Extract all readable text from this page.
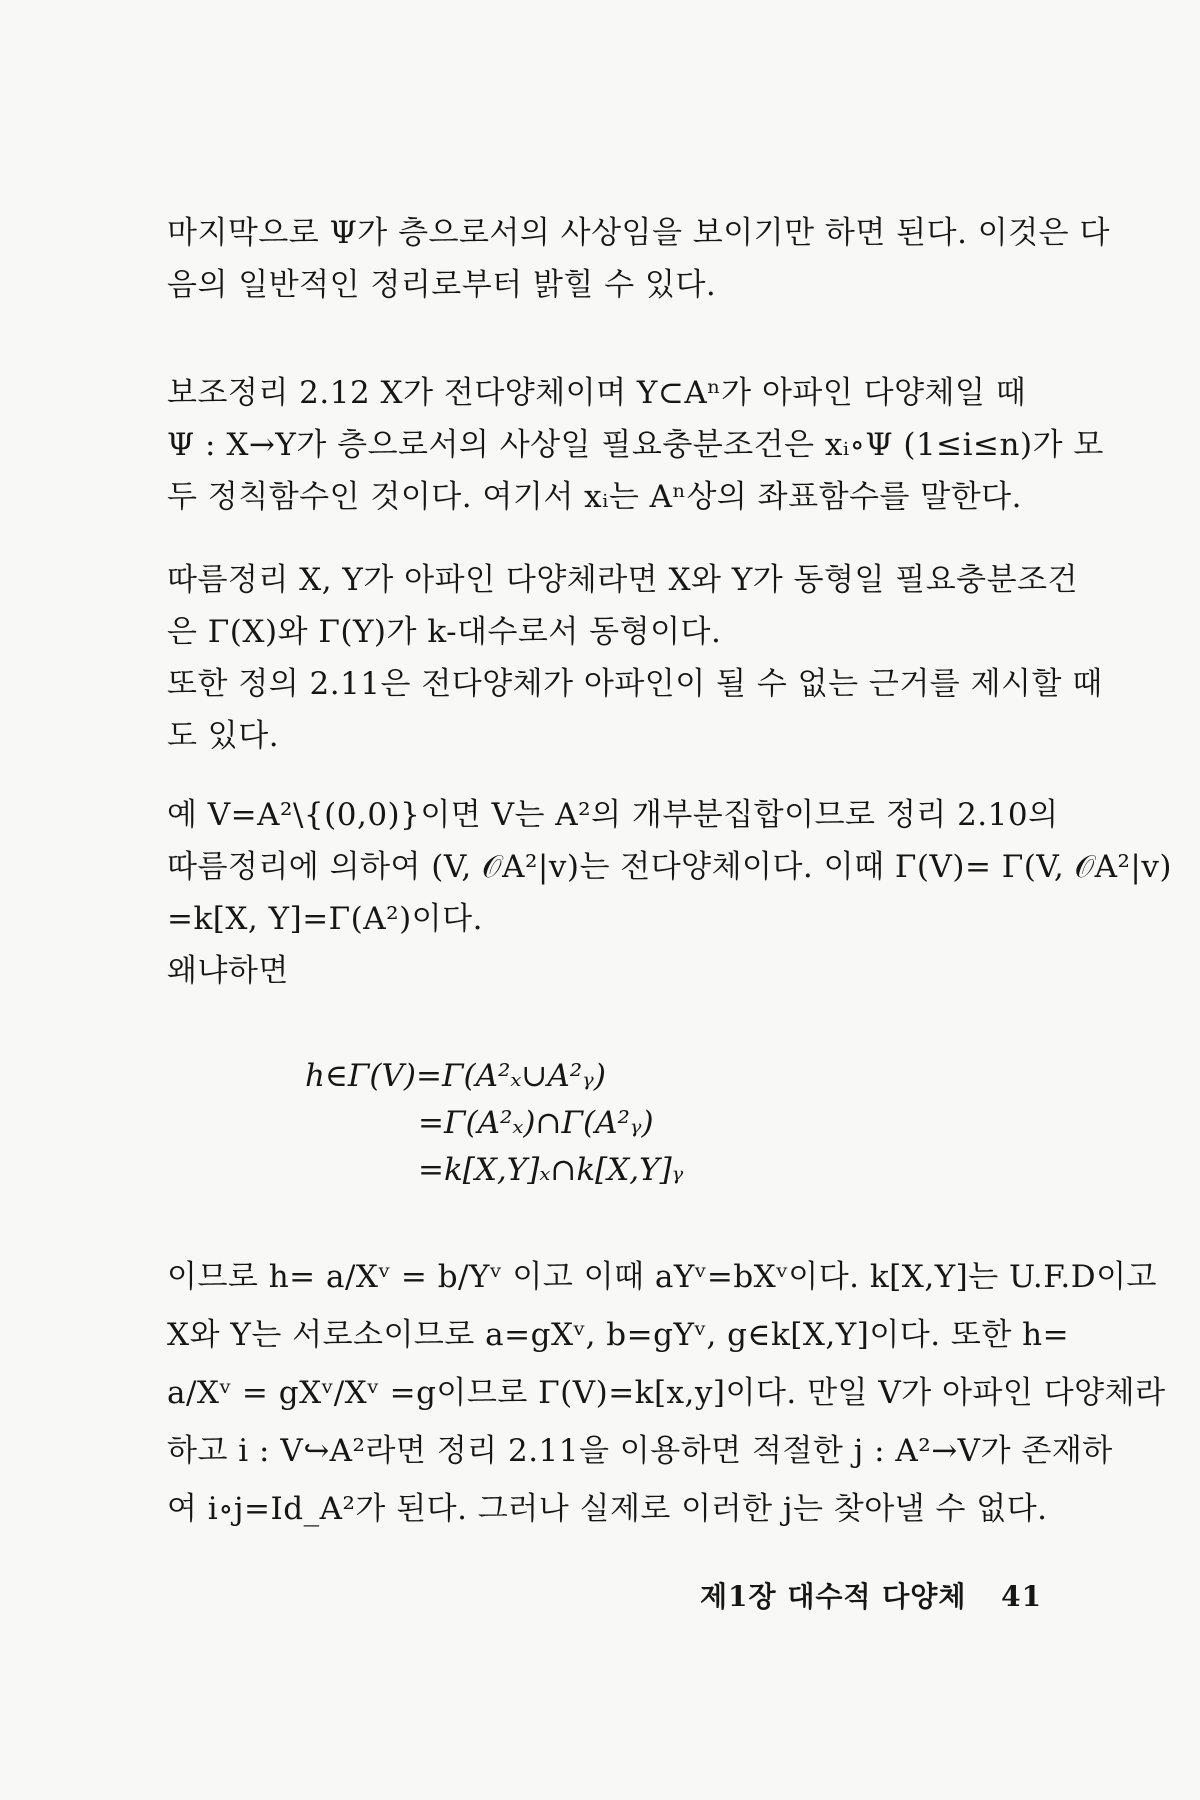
마지막으로 Ψ가 층으로서의 사상임을 보이기만 하면 된다. 이것은 다
음의 일반적인 정리로부터 밝힐 수 있다.
보조정리 2.12 X가 전다양체이며 Y⊂Aⁿ가 아파인 다양체일 때
Ψ : X→Y가 층으로서의 사상일 필요충분조건은 xᵢ∘Ψ (1≤i≤n)가 모
두 정칙함수인 것이다. 여기서 xᵢ는 Aⁿ상의 좌표함수를 말한다.
따름정리 X, Y가 아파인 다양체라면 X와 Y가 동형일 필요충분조건
은 Γ(X)와 Γ(Y)가 k-대수로서 동형이다.
또한 정의 2.11은 전다양체가 아파인이 될 수 없는 근거를 제시할 때
도 있다.
예 V=A²\{(0,0)}이면 V는 A²의 개부분집합이므로 정리 2.10의
따름정리에 의하여 (V, 𝒪A²|v)는 전다양체이다. 이때 Γ(V)= Γ(V, 𝒪A²|v)
=k[X, Y]=Γ(A²)이다.
왜냐하면
h∈Γ(V)=Γ(A²ₓ∪A²ᵧ)
=Γ(A²ₓ)∩Γ(A²ᵧ)
=k[X,Y]ₓ∩k[X,Y]ᵧ
이므로 h= a/Xᵛ = b/Yᵛ 이고 이때 aYᵛ=bXᵛ이다. k[X,Y]는 U.F.D이고
X와 Y는 서로소이므로 a=gXᵛ, b=gYᵛ, g∈k[X,Y]이다. 또한 h=
a/Xᵛ = gXᵛ/Xᵛ =g이므로 Γ(V)=k[x,y]이다. 만일 V가 아파인 다양체라
하고 i : V↪A²라면 정리 2.11을 이용하면 적절한 j : A²→V가 존재하
여 i∘j=Id_A²가 된다. 그러나 실제로 이러한 j는 찾아낼 수 없다.
제1장 대수적 다양체 41
